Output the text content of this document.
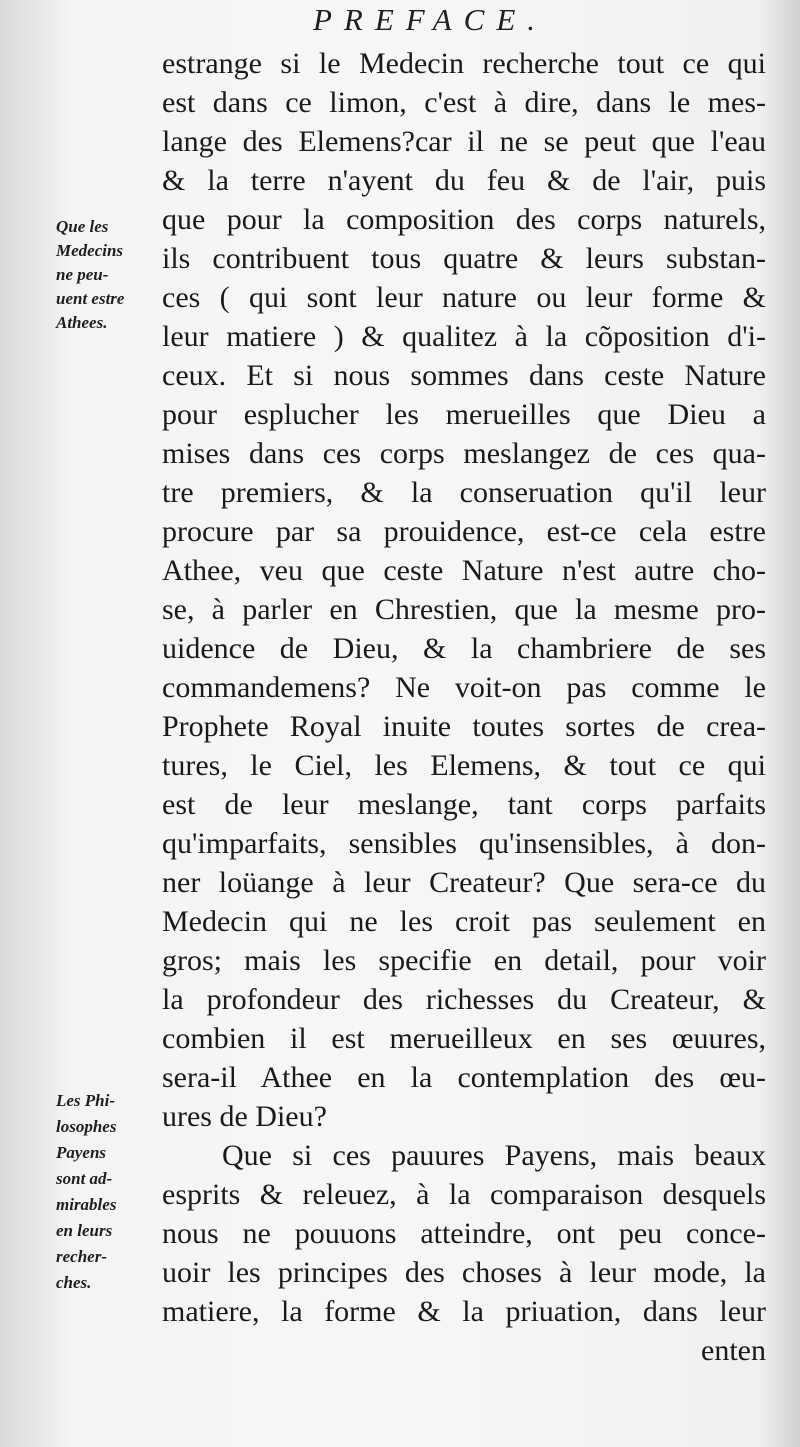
PREFACE.
Que les
Medecins
ne peu-
uent estre
Athees.
Les Phi-
losophes
Payens
sont ad-
mirables
en leurs
recher-
ches.
estrange si le Medecin recherche tout ce qui
est dans ce limon, c'est à dire, dans le mes-
lange des Elemens?car il ne se peut que l'eau
& la terre n'ayent du feu & de l'air, puis
que pour la composition des corps naturels,
ils contribuent tous quatre & leurs substan-
ces ( qui sont leur nature ou leur forme &
leur matiere ) & qualitez à la cõposition d'i-
ceux. Et si nous sommes dans ceste Nature
pour esplucher les merueilles que Dieu a
mises dans ces corps meslangez de ces qua-
tre premiers, & la conseruation qu'il leur
procure par sa prouidence, est-ce cela estre
Athee, veu que ceste Nature n'est autre cho-
se, à parler en Chrestien, que la mesme pro-
uidence de Dieu, & la chambriere de ses
commandemens? Ne voit-on pas comme le
Prophete Royal inuite toutes sortes de crea-
tures, le Ciel, les Elemens, & tout ce qui
est de leur meslange, tant corps parfaits
qu'imparfaits, sensibles qu'insensibles, à don-
ner loüange à leur Createur? Que sera-ce du
Medecin qui ne les croit pas seulement en
gros; mais les specifie en detail, pour voir
la profondeur des richesses du Createur, &
combien il est merueilleux en ses œuures,
sera-il Athee en la contemplation des œu-
ures de Dieu?
Que si ces pauures Payens, mais beaux
esprits & releuez, à la comparaison desquels
nous ne pouuons atteindre, ont peu conce-
uoir les principes des choses à leur mode, la
matiere, la forme & la priuation, dans leur
enten
